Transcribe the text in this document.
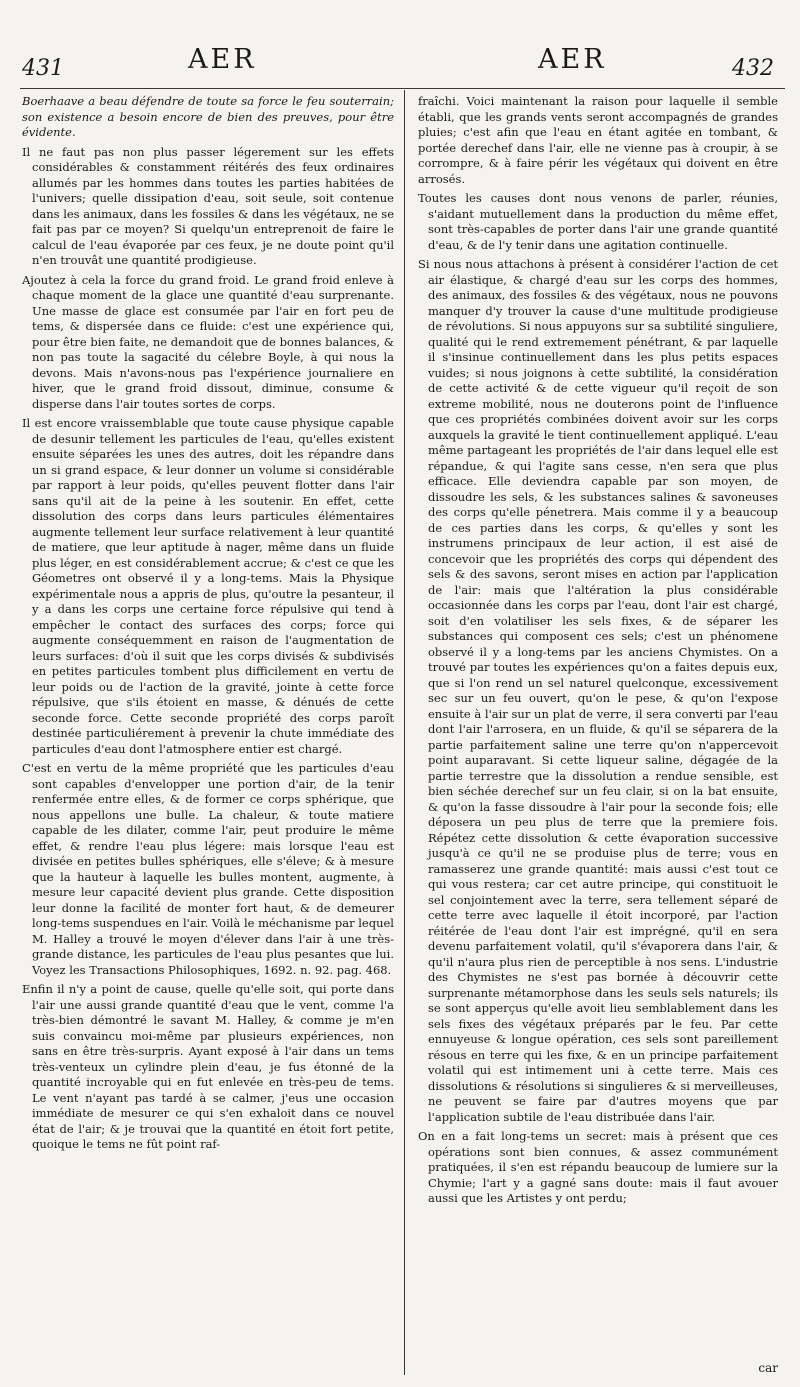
431	AER	AER	432

Boerhaave a beau défendre de toute sa force le feu souterrain; son existence a besoin encore de bien des preuves, pour être évidente.

Il ne faut pas non plus passer légerement sur les effets considérables & constamment réitérés des feux ordinaires allumés par les hommes dans toutes les parties habitées de l'univers; quelle dissipation d'eau, soit seule, soit contenue dans les animaux, dans les fossiles & dans les végétaux, ne se fait pas par ce moyen? Si quelqu'un entreprenoit de faire le calcul de l'eau évaporée par ces feux, je ne doute point qu'il n'en trouvât une quantité prodigieuse.

Ajoutez à cela la force du grand froid. Le grand froid enleve à chaque moment de la glace une quantité d'eau surprenante. Une masse de glace est consumée par l'air en fort peu de tems, & dispersée dans ce fluide: c'est une expérience qui, pour être bien faite, ne demandoit que de bonnes balances, & non pas toute la sagacité du célebre Boyle, à qui nous la devons. Mais n'avons-nous pas l'expérience journaliere en hiver, que le grand froid dissout, diminue, consume & disperse dans l'air toutes sortes de corps.

Il est encore vraissemblable que toute cause physique capable de desunir tellement les particules de l'eau, qu'elles existent ensuite séparées les unes des autres, doit les répandre dans un si grand espace, & leur donner un volume si considérable par rapport à leur poids, qu'elles peuvent flotter dans l'air sans qu'il ait de la peine à les soutenir. En effet, cette dissolution des corps dans leurs particules élémentaires augmente tellement leur surface relativement à leur quantité de matiere, que leur aptitude à nager, même dans un fluide plus léger, en est considérablement accrue; & c'est ce que les Géometres ont observé il y a long-tems. Mais la Physique expérimentale nous a appris de plus, qu'outre la pesanteur, il y a dans les corps une certaine force répulsive qui tend à empêcher le contact des surfaces des corps; force qui augmente conséquemment en raison de l'augmentation de leurs surfaces: d'où il suit que les corps divisés & subdivisés en petites particules tombent plus difficilement en vertu de leur poids ou de l'action de la gravité, jointe à cette force répulsive, que s'ils étoient en masse, & dénués de cette seconde force. Cette seconde propriété des corps paroît destinée particuliérement à prevenir la chute immédiate des particules d'eau dont l'atmosphere entier est chargé.

C'est en vertu de la même propriété que les particules d'eau sont capables d'envelopper une portion d'air, de la tenir renfermée entre elles, & de former ce corps sphérique, que nous appellons une bulle. La chaleur, & toute matiere capable de les dilater, comme l'air, peut produire le même effet, & rendre l'eau plus légere: mais lorsque l'eau est divisée en petites bulles sphériques, elle s'éleve; & à mesure que la hauteur à laquelle les bulles montent, augmente, à mesure leur capacité devient plus grande. Cette disposition leur donne la facilité de monter fort haut, & de demeurer long-tems suspendues en l'air. Voilà le méchanisme par lequel M. Halley a trouvé le moyen d'élever dans l'air à une très-grande distance, les particules de l'eau plus pesantes que lui. Voyez les Transactions Philosophiques, 1692. n. 92. pag. 468.

Enfin il n'y a point de cause, quelle qu'elle soit, qui porte dans l'air une aussi grande quantité d'eau que le vent, comme l'a très-bien démontré le savant M. Halley, & comme je m'en suis convaincu moi-même par plusieurs expériences, non sans en être très-surpris. Ayant exposé à l'air dans un tems très-venteux un cylindre plein d'eau, je fus étonné de la quantité incroyable qui en fut enlevée en très-peu de tems. Le vent n'ayant pas tardé à se calmer, j'eus une occasion immédiate de mesurer ce qui s'en exhaloit dans ce nouvel état de l'air; & je trouvai que la quantité en étoit fort petite, quoique le tems ne fût point raf-

fraîchi. Voici maintenant la raison pour laquelle il semble établi, que les grands vents seront accompagnés de grandes pluies; c'est afin que l'eau en étant agitée en tombant, & portée derechef dans l'air, elle ne vienne pas à croupir, à se corrompre, & à faire périr les végétaux qui doivent en être arrosés.

Toutes les causes dont nous venons de parler, réunies, s'aidant mutuellement dans la production du même effet, sont très-capables de porter dans l'air une grande quantité d'eau, & de l'y tenir dans une agitation continuelle.

Si nous nous attachons à présent à considérer l'action de cet air élastique, & chargé d'eau sur les corps des hommes, des animaux, des fossiles & des végétaux, nous ne pouvons manquer d'y trouver la cause d'une multitude prodigieuse de révolutions. Si nous appuyons sur sa subtilité singuliere, qualité qui le rend extremement pénétrant, & par laquelle il s'insinue continuellement dans les plus petits espaces vuides; si nous joignons à cette subtilité, la considération de cette activité & de cette vigueur qu'il reçoit de son extreme mobilité, nous ne douterons point de l'influence que ces propriétés combinées doivent avoir sur les corps auxquels la gravité le tient continuellement appliqué. L'eau même partageant les propriétés de l'air dans lequel elle est répandue, & qui l'agite sans cesse, n'en sera que plus efficace. Elle deviendra capable par son moyen, de dissoudre les sels, & les substances salines & savoneuses des corps qu'elle pénetrera. Mais comme il y a beaucoup de ces parties dans les corps, & qu'elles y sont les instrumens principaux de leur action, il est aisé de concevoir que les propriétés des corps qui dépendent des sels & des savons, seront mises en action par l'application de l'air: mais que l'altération la plus considérable occasionnée dans les corps par l'eau, dont l'air est chargé, soit d'en volatiliser les sels fixes, & de séparer les substances qui composent ces sels; c'est un phénomene observé il y a long-tems par les anciens Chymistes. On a trouvé par toutes les expériences qu'on a faites depuis eux, que si l'on rend un sel naturel quelconque, excessivement sec sur un feu ouvert, qu'on le pese, & qu'on l'expose ensuite à l'air sur un plat de verre, il sera converti par l'eau dont l'air l'arrosera, en un fluide, & qu'il se séparera de la partie parfaitement saline une terre qu'on n'appercevoit point auparavant. Si cette liqueur saline, dégagée de la partie terrestre que la dissolution a rendue sensible, est bien séchée derechef sur un feu clair, si on la bat ensuite, & qu'on la fasse dissoudre à l'air pour la seconde fois; elle déposera un peu plus de terre que la premiere fois. Répétez cette dissolution & cette évaporation successive jusqu'à ce qu'il ne se produise plus de terre; vous en ramasserez une grande quantité: mais aussi c'est tout ce qui vous restera; car cet autre principe, qui constituoit le sel conjointement avec la terre, sera tellement séparé de cette terre avec laquelle il étoit incorporé, par l'action réitérée de l'eau dont l'air est imprégné, qu'il en sera devenu parfaitement volatil, qu'il s'évaporera dans l'air, & qu'il n'aura plus rien de perceptible à nos sens. L'industrie des Chymistes ne s'est pas bornée à découvrir cette surprenante métamorphose dans les seuls sels naturels; ils se sont apperçus qu'elle avoit lieu semblablement dans les sels fixes des végétaux préparés par le feu. Par cette ennuyeuse & longue opération, ces sels sont pareillement résous en terre qui les fixe, & en un principe parfaitement volatil qui est intimement uni à cette terre. Mais ces dissolutions & résolutions si singulieres & si merveilleuses, ne peuvent se faire par d'autres moyens que par l'application subtile de l'eau distribuée dans l'air.

On en a fait long-tems un secret: mais à présent que ces opérations sont bien connues, & assez communément pratiquées, il s'en est répandu beaucoup de lumiere sur la Chymie; l'art y a gagné sans doute: mais il faut avouer aussi que les Artistes y ont perdu;

car
